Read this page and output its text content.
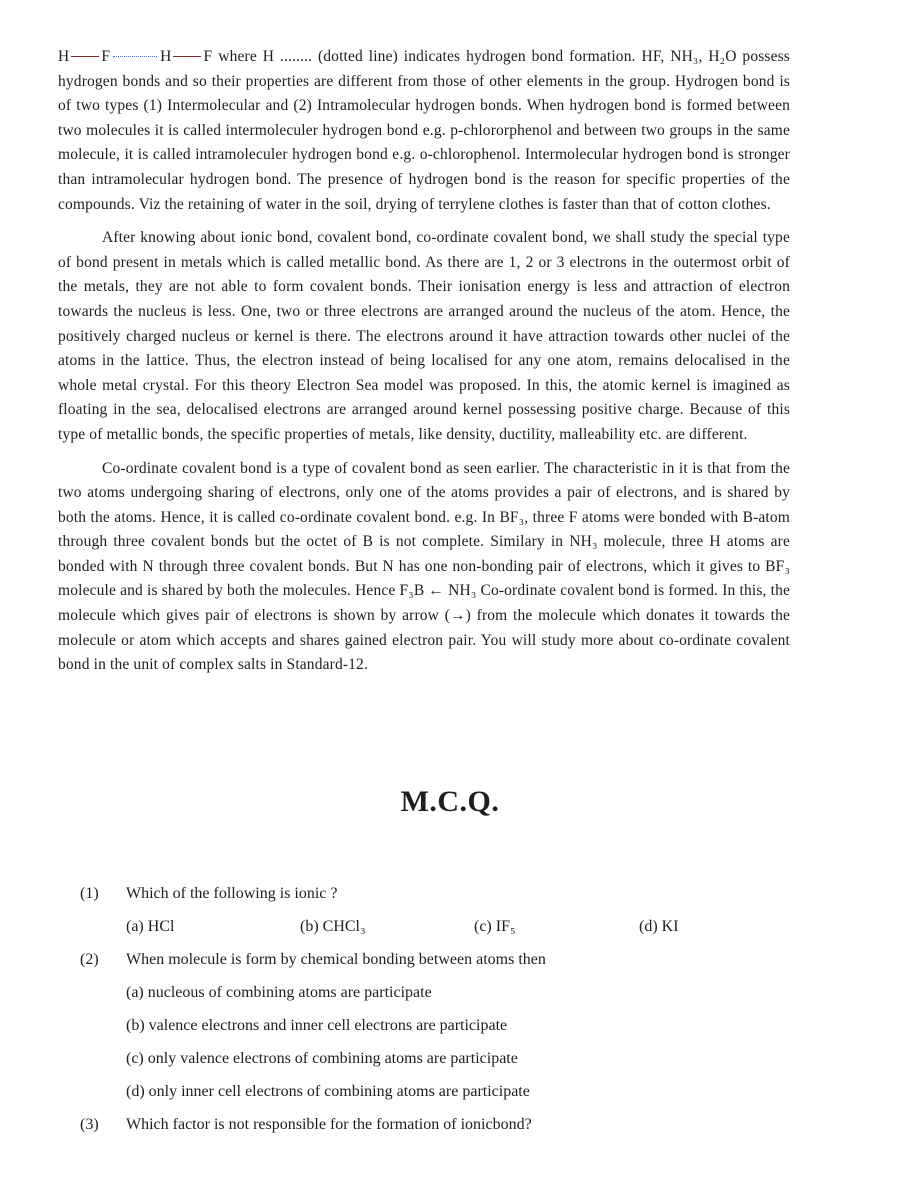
H F	H F where H ........ (dotted line) indicates hydrogen bond formation. HF, NH₃, H₂O possess hydrogen bonds and so their properties are different from those of other elements in the group. Hydrogen bond is of two types (1) Intermolecular and (2) Intramolecular hydrogen bonds. When hydrogen bond is formed between two molecules it is called intermoleculer hydrogen bond e.g. p-chlororphenol and between two groups in the same molecule, it is called intramoleculer hydrogen bond e.g. o-chlorophenol. Intermolecular hydrogen bond is stronger than intramolecular hydrogen bond. The presence of hydrogen bond is the reason for specific properties of the compounds. Viz the retaining of water in the soil, drying of terrylene clothes is faster than that of cotton clothes.

After knowing about ionic bond, covalent bond, co-ordinate covalent bond, we shall study the special type of bond present in metals which is called metallic bond. As there are 1, 2 or 3 electrons in the outermost orbit of the metals, they are not able to form covalent bonds. Their ionisation energy is less and attraction of electron towards the nucleus is less. One, two or three electrons are arranged around the nucleus of the atom. Hence, the positively charged nucleus or kernel is there. The electrons around it have attraction towards other nuclei of the atoms in the lattice. Thus, the electron instead of being localised for any one atom, remains delocalised in the whole metal crystal. For this theory Electron Sea model was proposed. In this, the atomic kernel is imagined as floating in the sea, delocalised electrons are arranged around kernel possessing positive charge. Because of this type of metallic bonds, the specific properties of metals, like density, ductility, malleability etc. are different.

Co-ordinate covalent bond is a type of covalent bond as seen earlier. The characteristic in it is that from the two atoms undergoing sharing of electrons, only one of the atoms provides a pair of electrons, and is shared by both the atoms. Hence, it is called co-ordinate covalent bond. e.g. In BF₃, three F atoms were bonded with B-atom through three covalent bonds but the octet of B is not complete. Similary in NH₃ molecule, three H atoms are bonded with N through three covalent bonds. But N has one non-bonding pair of electrons, which it gives to BF₃ molecule and is shared by both the molecules. Hence F₃B ← NH₃ Co-ordinate covalent bond is formed. In this, the molecule which gives pair of electrons is shown by arrow (→) from the molecule which donates it towards the molecule or atom which accepts and shares gained electron pair. You will study more about co-ordinate covalent bond in the unit of complex salts in Standard-12.

M.C.Q.
(1)	Which of the following is ionic ?
(a) HCl	(b) CHCl₃	(c) IF₅	(d) KI
(2)	When molecule is form by chemical bonding between atoms then
(a) nucleous of combining atoms are participate
(b) valence electrons and inner cell electrons are participate
(c) only valence electrons of combining atoms are participate
(d) only inner cell electrons of combining atoms are participate
(3)	Which factor is not responsible for the formation of ionicbond?
